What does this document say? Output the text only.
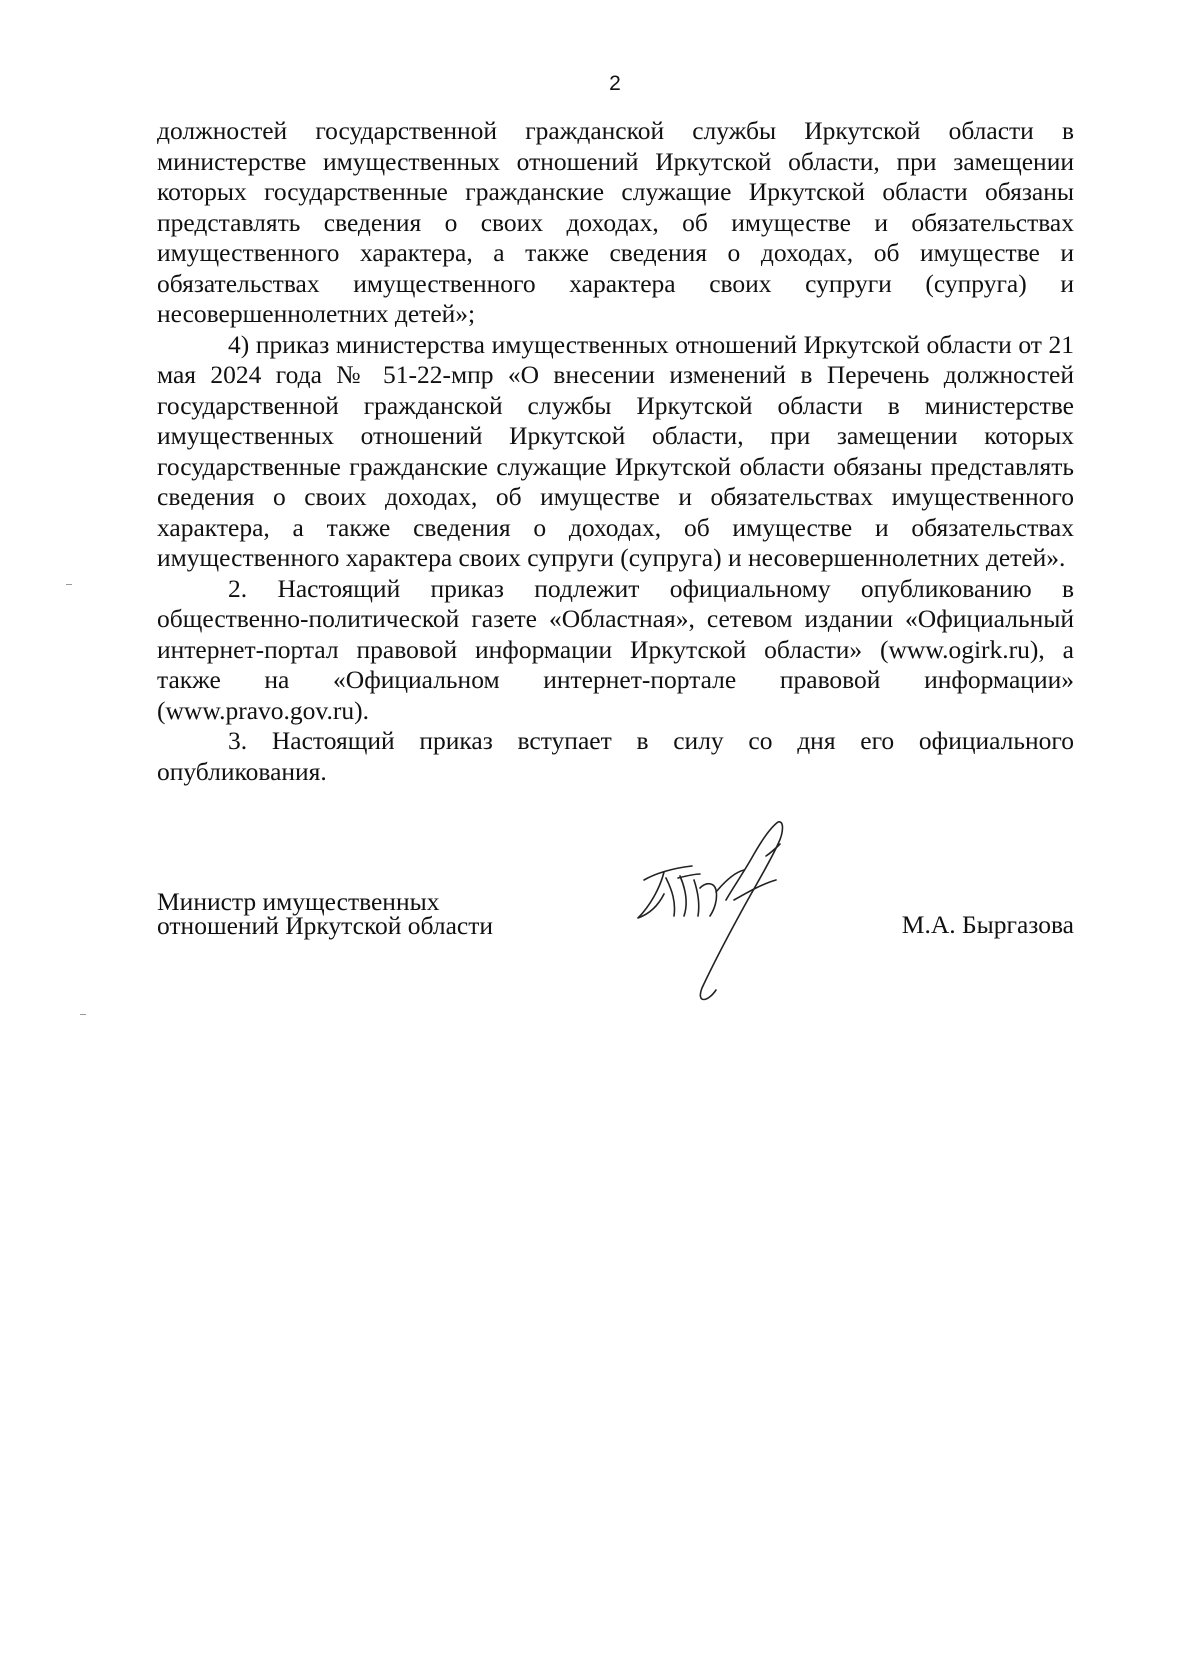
2

должностей государственной гражданской службы Иркутской области в министерстве имущественных отношений Иркутской области, при замещении которых государственные гражданские служащие Иркутской области обязаны представлять сведения о своих доходах, об имуществе и обязательствах имущественного характера, а также сведения о доходах, об имуществе и обязательствах имущественного характера своих супруги (супруга) и несовершеннолетних детей»;

4) приказ министерства имущественных отношений Иркутской области от 21 мая 2024 года № 51-22-мпр «О внесении изменений в Перечень должностей государственной гражданской службы Иркутской области в министерстве имущественных отношений Иркутской области, при замещении которых государственные гражданские служащие Иркутской области обязаны представлять сведения о своих доходах, об имуществе и обязательствах имущественного характера, а также сведения о доходах, об имуществе и обязательствах имущественного характера своих супруги (супруга) и несовершеннолетних детей».

2. Настоящий приказ подлежит официальному опубликованию в общественно-политической газете «Областная», сетевом издании «Официальный интернет-портал правовой информации Иркутской области» (www.ogirk.ru), а также на «Официальном интернет-портале правовой информации» (www.pravo.gov.ru).

3. Настоящий приказ вступает в силу со дня его официального опубликования.

Министр имущественных
отношений Иркутской области	М.А. Быргазова
